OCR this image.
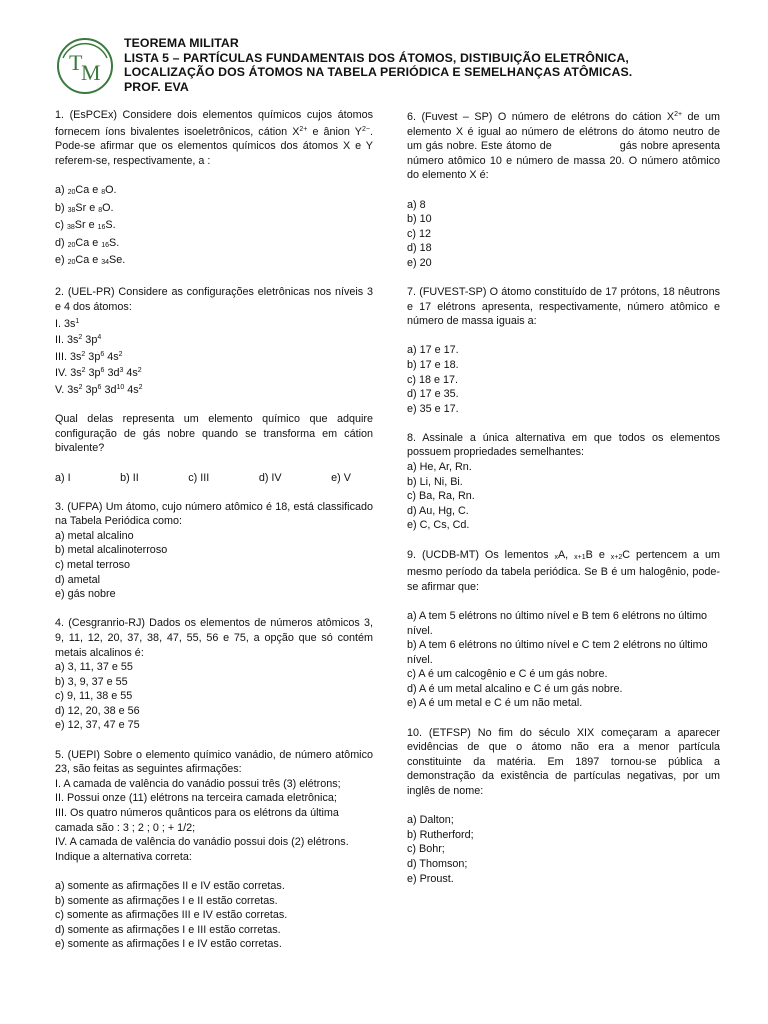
T
M
TEOREMA MILITAR
LISTA 5 – PARTÍCULAS FUNDAMENTAIS DOS ÁTOMOS, DISTIBUIÇÃO ELETRÔNICA,
LOCALIZAÇÃO DOS ÁTOMOS NA TABELA PERIÓDICA E SEMELHANÇAS ATÔMICAS.
PROF. EVA
1. (EsPCEx) Considere dois elementos químicos cujos átomos fornecem íons bivalentes isoeletrônicos, cátion $X^{2+}$ e ânion $Y^{2-}$. Pode-se afirmar que os elementos químicos dos átomos X e Y referem-se, respectivamente, a :
a) 20Ca e 8O.
b) 38Sr e 8O.
c) 38Sr e 16S.
d) 20Ca e 16S.
e) 20Ca e 34Se.
2. (UEL-PR) Considere as configurações eletrônicas nos níveis 3 e 4 dos átomos:
I. $3s^1$
II. $3s^2$ $3p^4$
III. $3s^2$ $3p^6$ $4s^2$
IV. $3s^2$ $3p^6$ $3d^3$ $4s^2$
V. $3s^2$ $3p^6$ $3d^{10}$ $4s^2$
Qual delas representa um elemento químico que adquire configuração de gás nobre quando se transforma em cátion bivalente?
a) I	b) II	c) III	d) IV	e) V
3. (UFPA) Um átomo, cujo número atômico é 18, está classificado na Tabela Periódica como:
a) metal alcalino
b) metal alcalinoterroso
c) metal terroso
d) ametal
e) gás nobre
4. (Cesgranrio-RJ) Dados os elementos de números atômicos 3, 9, 11, 12, 20, 37, 38, 47, 55, 56 e 75, a opção que só contém metais alcalinos é:
a) 3, 11, 37 e 55
b) 3, 9, 37 e 55
c) 9, 11, 38 e 55
d) 12, 20, 38 e 56
e) 12, 37, 47 e 75
5. (UEPI) Sobre o elemento químico vanádio, de número atômico 23, são feitas as seguintes afirmações:
I. A camada de valência do vanádio possui três (3) elétrons;
II. Possui onze (11) elétrons na terceira camada eletrônica;
III. Os quatro números quânticos para os elétrons da última camada são : 3 ; 2 ; 0 ; + 1/2;
IV. A camada de valência do vanádio possui dois (2) elétrons.
Indique a alternativa correta:
a) somente as afirmações II e IV estão corretas.
b) somente as afirmações I e II estão corretas.
c) somente as afirmações III e IV estão corretas.
d) somente as afirmações I e III estão corretas.
e) somente as afirmações I e IV estão corretas.
6. (Fuvest – SP) O número de elétrons do cátion $X^{2+}$ de um elemento X é igual ao número de elétrons do átomo neutro de um gás nobre. Este átomo de	gás nobre apresenta número atômico 10 e número de massa 20. O número atômico do elemento X é:
a) 8
b) 10
c) 12
d) 18
e) 20
7. (FUVEST-SP) O átomo constituído de 17 prótons, 18 nêutrons e 17 elétrons apresenta, respectivamente, número atômico e número de massa iguais a:
a) 17 e 17.
b) 17 e 18.
c) 18 e 17.
d) 17 e 35.
e) 35 e 17.
8. Assinale a única alternativa em que todos os elementos possuem propriedades semelhantes:
a) He, Ar, Rn.
b) Li, Ni, Bi.
c) Ba, Ra, Rn.
d) Au, Hg, C.
e) C, Cs, Cd.
9. (UCDB-MT) Os lementos xA, x+1B e x+2C pertencem a um mesmo período da tabela periódica. Se B é um halogênio, pode-se afirmar que:
a) A tem 5 elétrons no último nível e B tem 6 elétrons no último nível.
b) A tem 6 elétrons no último nível e C tem 2 elétrons no último nível.
c) A é um calcogênio e C é um gás nobre.
d) A é um metal alcalino e C é um gás nobre.
e) A é um metal e C é um não metal.
10. (ETFSP) No fim do século XIX começaram a aparecer evidências de que o átomo não era a menor partícula constituinte da matéria. Em 1897 tornou-se pública a demonstração da existência de partículas negativas, por um inglês de nome:
a) Dalton;
b) Rutherford;
c) Bohr;
d) Thomson;
e) Proust.
